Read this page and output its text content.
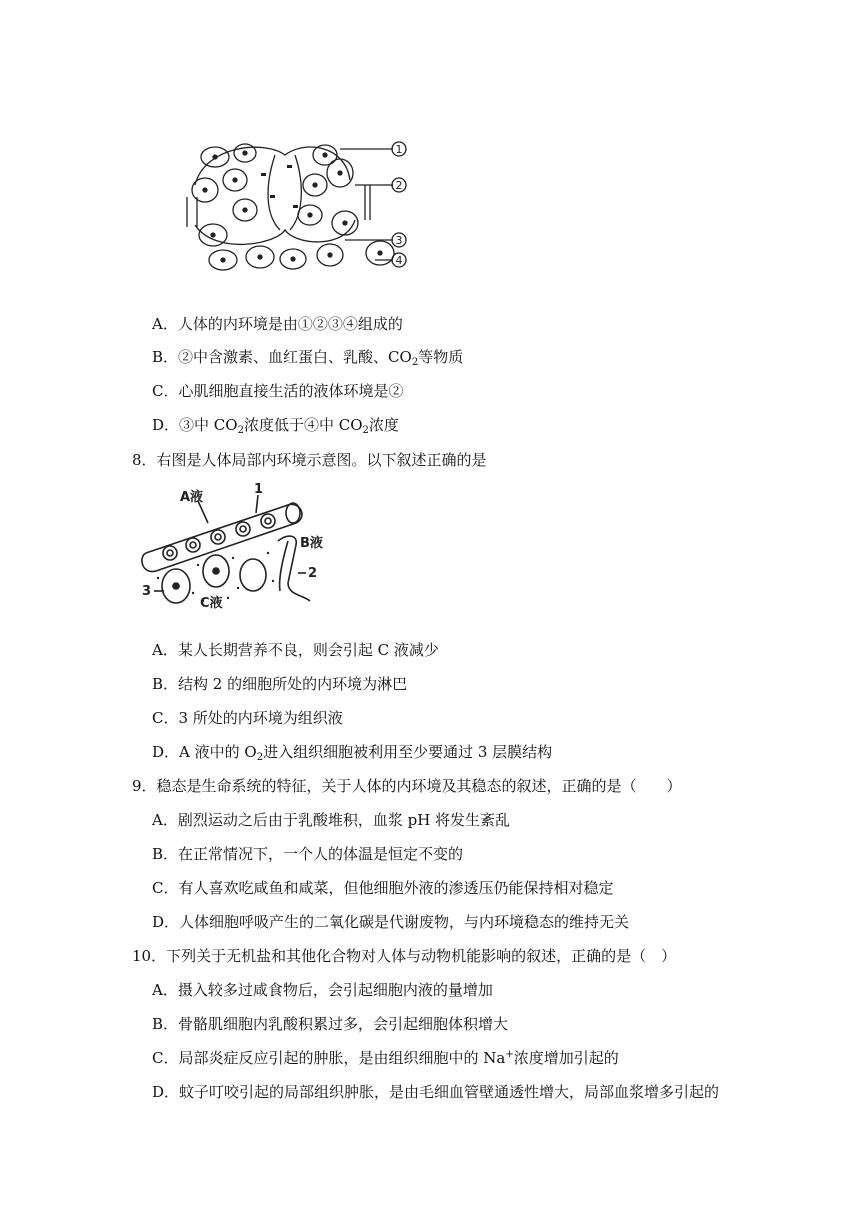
1
2
3
4
A．人体的内环境是由①②③④组成的
B．②中含激素、血红蛋白、乳酸、$CO_2$等物质
C．心肌细胞直接生活的液体环境是②
D．③中 $CO_2$浓度低于④中 $CO_2$浓度
8．右图是人体局部内环境示意图。以下叙述正确的是
A液
1
B液
2
3
C液
A．某人长期营养不良，则会引起 C 液减少
B．结构 2 的细胞所处的内环境为淋巴
C．3 所处的内环境为组织液
D．A 液中的 $O_2$进入组织细胞被利用至少要通过 3 层膜结构
9．稳态是生命系统的特征，关于人体的内环境及其稳态的叙述，正确的是（　　）
A．剧烈运动之后由于乳酸堆积，血浆 pH 将发生紊乱
B．在正常情况下，一个人的体温是恒定不变的
C．有人喜欢吃咸鱼和咸菜，但他细胞外液的渗透压仍能保持相对稳定
D．人体细胞呼吸产生的二氧化碳是代谢废物，与内环境稳态的维持无关
10．下列关于无机盐和其他化合物对人体与动物机能影响的叙述，正确的是（　）
A．摄入较多过咸食物后，会引起细胞内液的量增加
B．骨骼肌细胞内乳酸积累过多，会引起细胞体积增大
C．局部炎症反应引起的肿胀，是由组织细胞中的 Na+浓度增加引起的
D．蚊子叮咬引起的局部组织肿胀，是由毛细血管壁通透性增大，局部血浆增多引起的
